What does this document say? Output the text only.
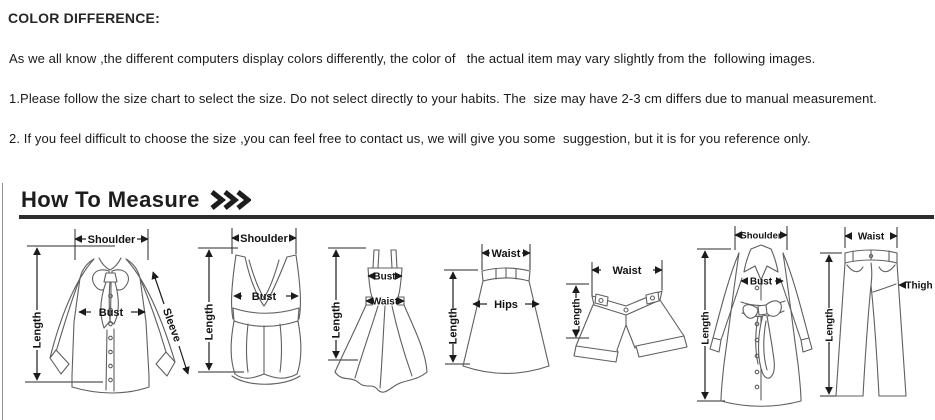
COLOR DIFFERENCE:
As we all know ,the different computers display colors differently, the color of   the actual item may vary slightly from the  following images.
1.Please follow the size chart to select the size. Do not select directly to your habits. The  size may have 2-3 cm differs due to manual measurement.
2. If you feel difficult to choose the size ,you can feel free to contact us, we will give you some  suggestion, but it is for you reference only.
How To Measure
Shoulder
Bust	Sleeve
Length
Shoulder
Bust
Length
Bust
Waist
Length
Waist
Hips
Length
Waist
Length
Shoulder
Bust
Length
Waist
Thigh
Length
